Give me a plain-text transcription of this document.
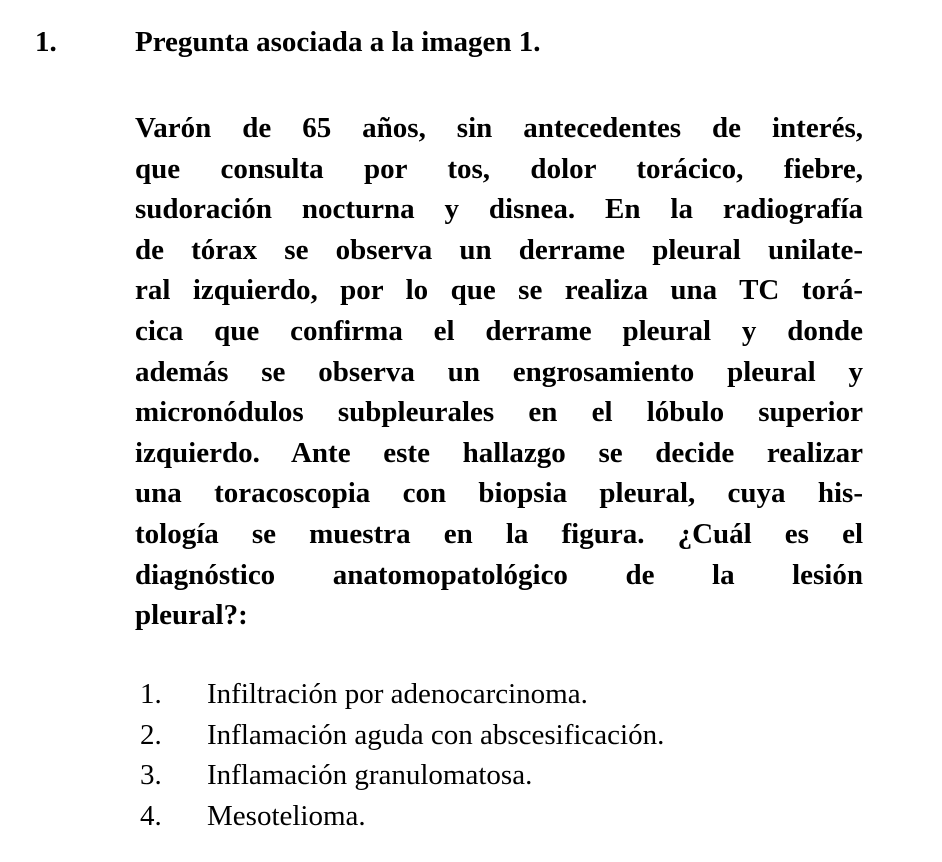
1.	Pregunta asociada a la imagen 1.
Varón de 65 años, sin antecedentes de interés,
que consulta por tos, dolor torácico, fiebre,
sudoración nocturna y disnea. En la radiografía
de tórax se observa un derrame pleural unilate-
ral izquierdo, por lo que se realiza una TC torá-
cica que confirma el derrame pleural y donde
además se observa un engrosamiento pleural y
micronódulos subpleurales en el lóbulo superior
izquierdo. Ante este hallazgo se decide realizar
una toracoscopia con biopsia pleural, cuya his-
tología se muestra en la figura. ¿Cuál es el
diagnóstico anatomopatológico de la lesión
pleural?:
1.	Infiltración por adenocarcinoma.
2.	Inflamación aguda con abscesificación.
3.	Inflamación granulomatosa.
4.	Mesotelioma.
